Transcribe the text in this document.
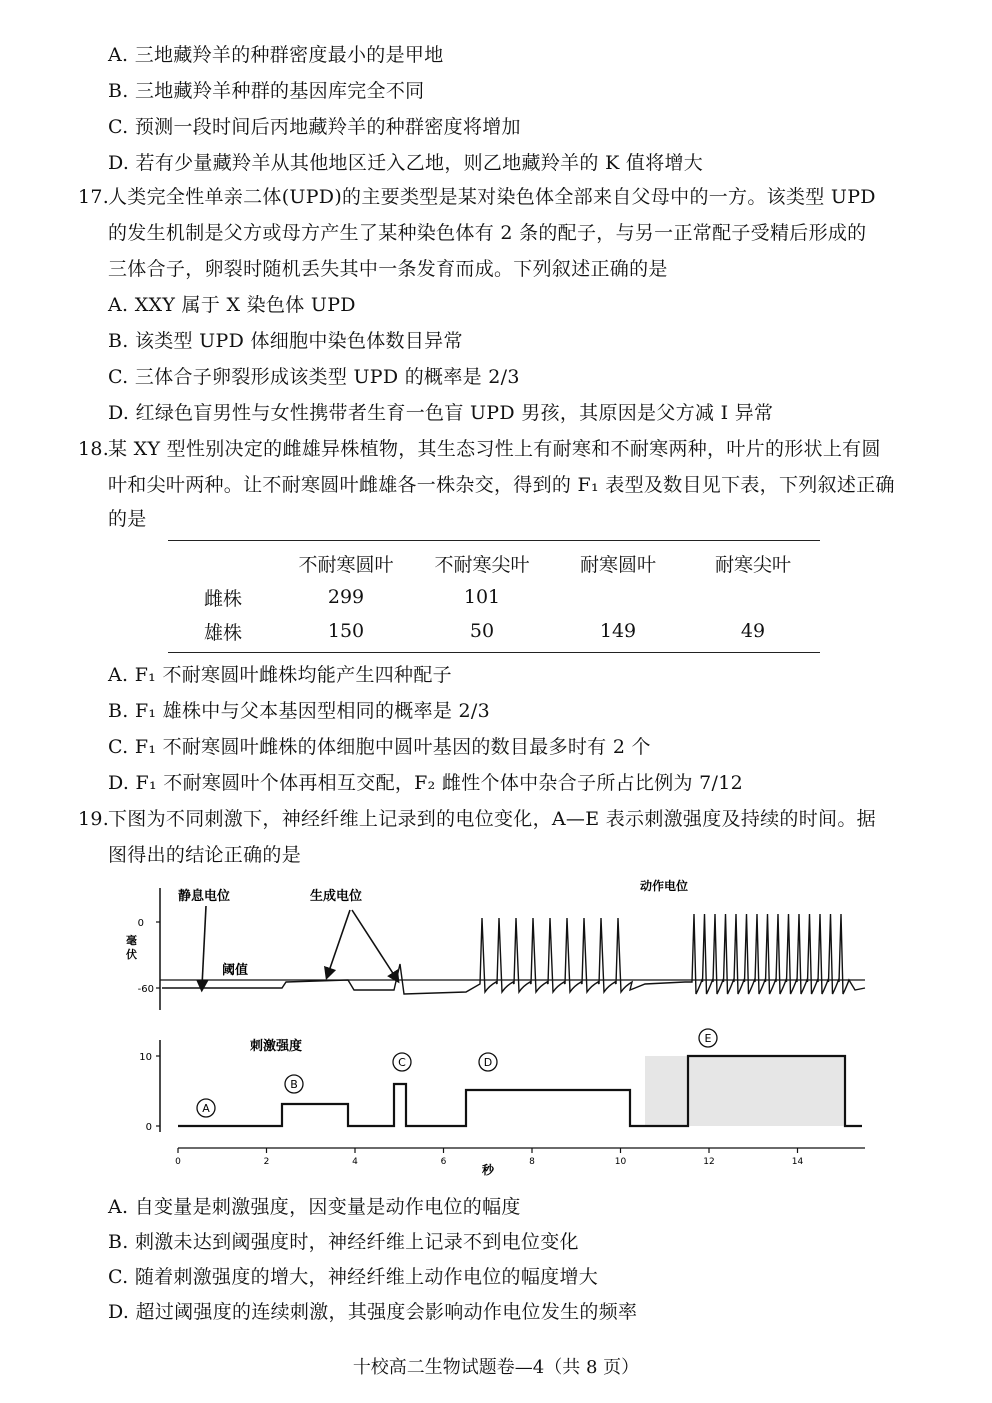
A. 三地藏羚羊的种群密度最小的是甲地
B. 三地藏羚羊种群的基因库完全不同
C. 预测一段时间后丙地藏羚羊的种群密度将增加
D. 若有少量藏羚羊从其他地区迁入乙地，则乙地藏羚羊的 K 值将增大
17.
人类完全性单亲二体(UPD)的主要类型是某对染色体全部来自父母中的一方。该类型 UPD
的发生机制是父方或母方产生了某种染色体有 2 条的配子，与另一正常配子受精后形成的
三体合子，卵裂时随机丢失其中一条发育而成。下列叙述正确的是
A. XXY 属于 X 染色体 UPD
B. 该类型 UPD 体细胞中染色体数目异常
C. 三体合子卵裂形成该类型 UPD 的概率是 2/3
D. 红绿色盲男性与女性携带者生育一色盲 UPD 男孩，其原因是父方减 Ⅰ 异常
18.
某 XY 型性别决定的雌雄异株植物，其生态习性上有耐寒和不耐寒两种，叶片的形状上有圆
叶和尖叶两种。让不耐寒圆叶雌雄各一株杂交，得到的 F₁ 表型及数目见下表，下列叙述正确
的是
	不耐寒圆叶	不耐寒尖叶	耐寒圆叶	耐寒尖叶
雌株	299	101		
雄株	150	50	149	49
A. F₁ 不耐寒圆叶雌株均能产生四种配子
B. F₁ 雄株中与父本基因型相同的概率是 2/3
C. F₁ 不耐寒圆叶雌株的体细胞中圆叶基因的数目最多时有 2 个
D. F₁ 不耐寒圆叶个体再相互交配，F₂ 雌性个体中杂合子所占比例为 7/12
19.
下图为不同刺激下，神经纤维上记录到的电位变化，A—E 表示刺激强度及持续的时间。据
图得出的结论正确的是
0
-60
毫伏
阈值
静息电位	生成电位
动作电位
10
0
刺激强度
A
B
C	D
E
0	2	4	6	8	10	12	14
秒
A. 自变量是刺激强度，因变量是动作电位的幅度
B. 刺激未达到阈强度时，神经纤维上记录不到电位变化
C. 随着刺激强度的增大，神经纤维上动作电位的幅度增大
D. 超过阈强度的连续刺激，其强度会影响动作电位发生的频率
十校高二生物试题卷—4（共 8 页）
